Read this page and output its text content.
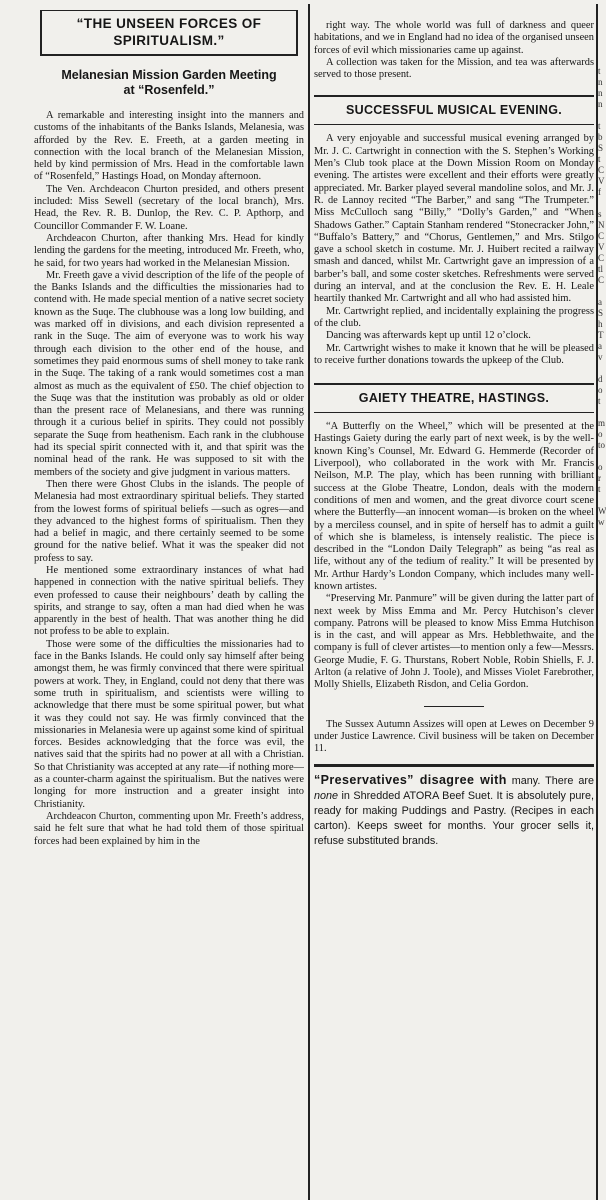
“THE UNSEEN FORCES OF
SPIRITUALISM.”
Melanesian Mission Garden Meeting
at “Rosenfeld.”

A remarkable and interesting insight into the manners and customs of the inhabitants of the Banks Islands, Melanesia, was afforded by the Rev. E. Freeth, at a garden meeting in connection with the local branch of the Melanesian Mission, held by kind permission of Mrs. Head in the comfortable lawn of “Rosenfeld,” Hastings Hoad, on Monday afternoon.

The Ven. Archdeacon Churton presided, and others present included: Miss Sewell (secretary of the local branch), Mrs. Head, the Rev. R. B. Dunlop, the Rev. C. P. Apthorp, and Councillor Commander F. W. Loane.

Archdeacon Churton, after thanking Mrs. Head for kindly lending the gardens for the meeting, introduced Mr. Freeth, who, he said, for two years had worked in the Melanesian Mission.

Mr. Freeth gave a vivid description of the life of the people of the Banks Islands and the difficulties the missionaries had to contend with. He made special mention of a native secret society known as the Suqe. The clubhouse was a long low building, and was marked off in divisions, and each division represented a rank in the Suqe. The aim of everyone was to work his way through each division to the other end of the house, and sometimes they paid enormous sums of shell money to take rank in the Suqe. The taking of a rank would sometimes cost a man almost as much as the equivalent of £50. The chief objection to the Suqe was that the institution was probably as old or older than the present race of Melanesians, and there was running through it a curious belief in spirits. They could not possibly separate the Suqe from heathenism. Each rank in the clubhouse had its special spirit connected with it, and that spirit was the nominal head of the rank. He was supposed to sit with the members of the society and give judgment in various matters.

Then there were Ghost Clubs in the islands. The people of Melanesia had most extraordinary spiritual beliefs. They started from the lowest forms of spiritual beliefs —such as ogres—and they advanced to the highest forms of spiritualism. Then they had a belief in magic, and there certainly seemed to be some ground for the native belief. What it was the speaker did not profess to say.

He mentioned some extraordinary instances of what had happened in connection with the native spiritual beliefs. They even professed to cause their neighbours’ death by calling the spirits, and strange to say, often a man had died when he was apparently in the best of health. That was another thing he did not profess to be able to explain.

Those were some of the difficulties the missionaries had to face in the Banks Islands. He could only say himself after being amongst them, he was firmly convinced that there were spiritual powers at work. They, in England, could not deny that there was some truth in spiritualism, and scientists were willing to acknowledge that there must be some spiritual power, but what it was they could not say. He was firmly convinced that the missionaries in Melanesia were up against some kind of spiritual forces. Besides acknowledging that the force was evil, the natives said that the spirits had no power at all with a Christian. So that Christianity was accepted at any rate—if nothing more—as a counter-charm against the spiritualism. But the natives were longing for more instruction and a greater insight into Christianity.

Archdeacon Churton, commenting upon Mr. Freeth’s address, said he felt sure that what he had told them of those spiritual forces had been explained by him in the

right way. The whole world was full of darkness and queer habitations, and we in England had no idea of the organised unseen forces of evil which missionaries came up against.

A collection was taken for the Mission, and tea was afterwards served to those present.

SUCCESSFUL MUSICAL EVENING.

A very enjoyable and successful musical evening arranged by Mr. J. C. Cartwright in connection with the S. Stephen’s Working Men’s Club took place at the Down Mission Room on Monday evening. The artistes were excellent and their efforts were greatly appreciated. Mr. Barker played several mandoline solos, and Mr. J. R. de Lannoy recited “The Barber,” and sang “The Trumpeter.” Miss McCulloch sang “Billy,” “Dolly’s Garden,” and “When Shadows Gather.” Captain Stanham rendered “Stonecracker John,” “Buffalo’s Battery,” and “Chorus, Gentlemen,” and Mrs. Stilgo gave a school sketch in costume. Mr. J. Huibert recited a railway smash and danced, whilst Mr. Cartwright gave an impression of a barber’s ball, and some coster sketches. Refreshments were served during an interval, and at the conclusion the Rev. E. H. Leale heartily thanked Mr. Cartwright and all who had assisted him.

Mr. Cartwright replied, and incidentally explaining the progress of the club.

Dancing was afterwards kept up until 12 o’clock.

Mr. Cartwright wishes to make it known that he will be pleased to receive further donations towards the upkeep of the Club.

GAIETY THEATRE, HASTINGS.

“A Butterfly on the Wheel,” which will be presented at the Hastings Gaiety during the early part of next week, is by the well-known King’s Counsel, Mr. Edward G. Hemmerde (Recorder of Liverpool), who collaborated in the work with Mr. Francis Neilson, M.P. The play, which has been running with brilliant success at the Globe Theatre, London, deals with the modern conditions of men and women, and the great divorce court scene where the Butterfly—an innocent woman—is broken on the wheel by a merciless counsel, and in spite of herself has to admit a guilt of which she is blameless, is intensely realistic. The piece is described in the “London Daily Telegraph” as being “as real as life, without any of the tedium of reality.” It will be presented by Mr. Arthur Hardy’s London Company, which includes many well-known artistes.

“Preserving Mr. Panmure” will be given during the latter part of next week by Miss Emma and Mr. Percy Hutchison’s clever company. Patrons will be pleased to know Miss Emma Hutchison is in the cast, and will appear as Mrs. Hebblethwaite, and the company is full of clever artistes—to mention only a few—Messrs. George Mudie, F. G. Thurstans, Robert Noble, Robin Shiells, F. J. Arlton (a relative of John J. Toole), and Misses Violet Farebrother, Molly Shiells, Elizabeth Risdon, and Celia Gordon.

The Sussex Autumn Assizes will open at Lewes on December 9 under Justice Lawrence. Civil business will be taken on December 11.

“Preservatives” disagree with many. There are none in Shredded ATORA Beef Suet. It is absolutely pure, ready for making Puddings and Pastry. (Recipes in each carton). Keeps sweet for months. Your grocer sells it, refuse substituted brands.

t
n
n
n

t
b
S
t
C
V
f

s
N
C
V
C
tl
C

a
S
h
T
a
v

d
o
t

m
o
to

o
r
t

W
w
